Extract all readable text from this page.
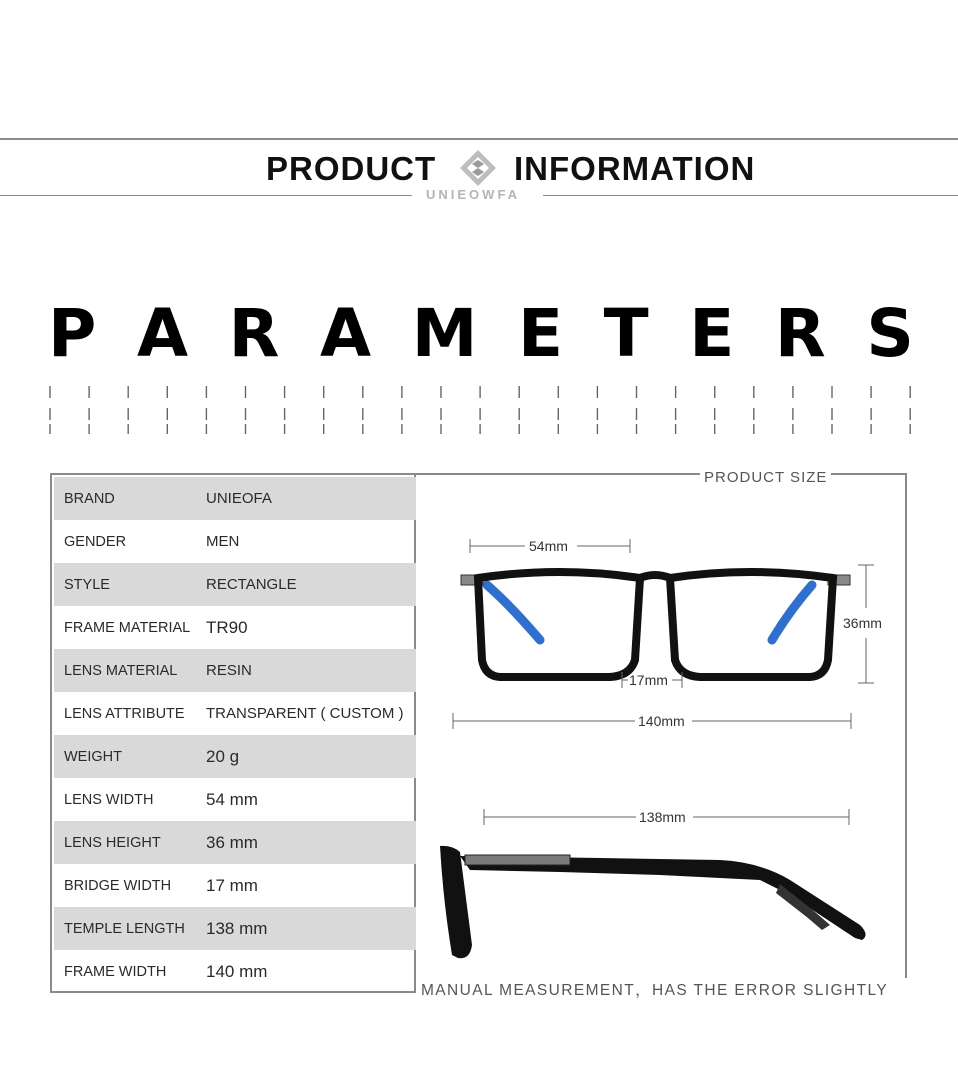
PRODUCT INFORMATION
UNIEOWFA
P A R A M E T E R S
BRAND	UNIEOFA
GENDER	MEN
STYLE	RECTANGLE
FRAME MATERIAL TR90
LENS MATERIAL RESIN
LENS ATTRIBUTE TRANSPARENT ( CUSTOM )
WEIGHT	20 g
LENS WIDTH	54 mm
LENS HEIGHT	36 mm
BRIDGE WIDTH 17 mm
TEMPLE LENGTH 138 mm
FRAME WIDTH 140 mm
PRODUCT SIZE
54mm
36mm
17mm
140mm
138mm
MANUAL MEASUREMENT，HAS THE ERROR SLIGHTLY
